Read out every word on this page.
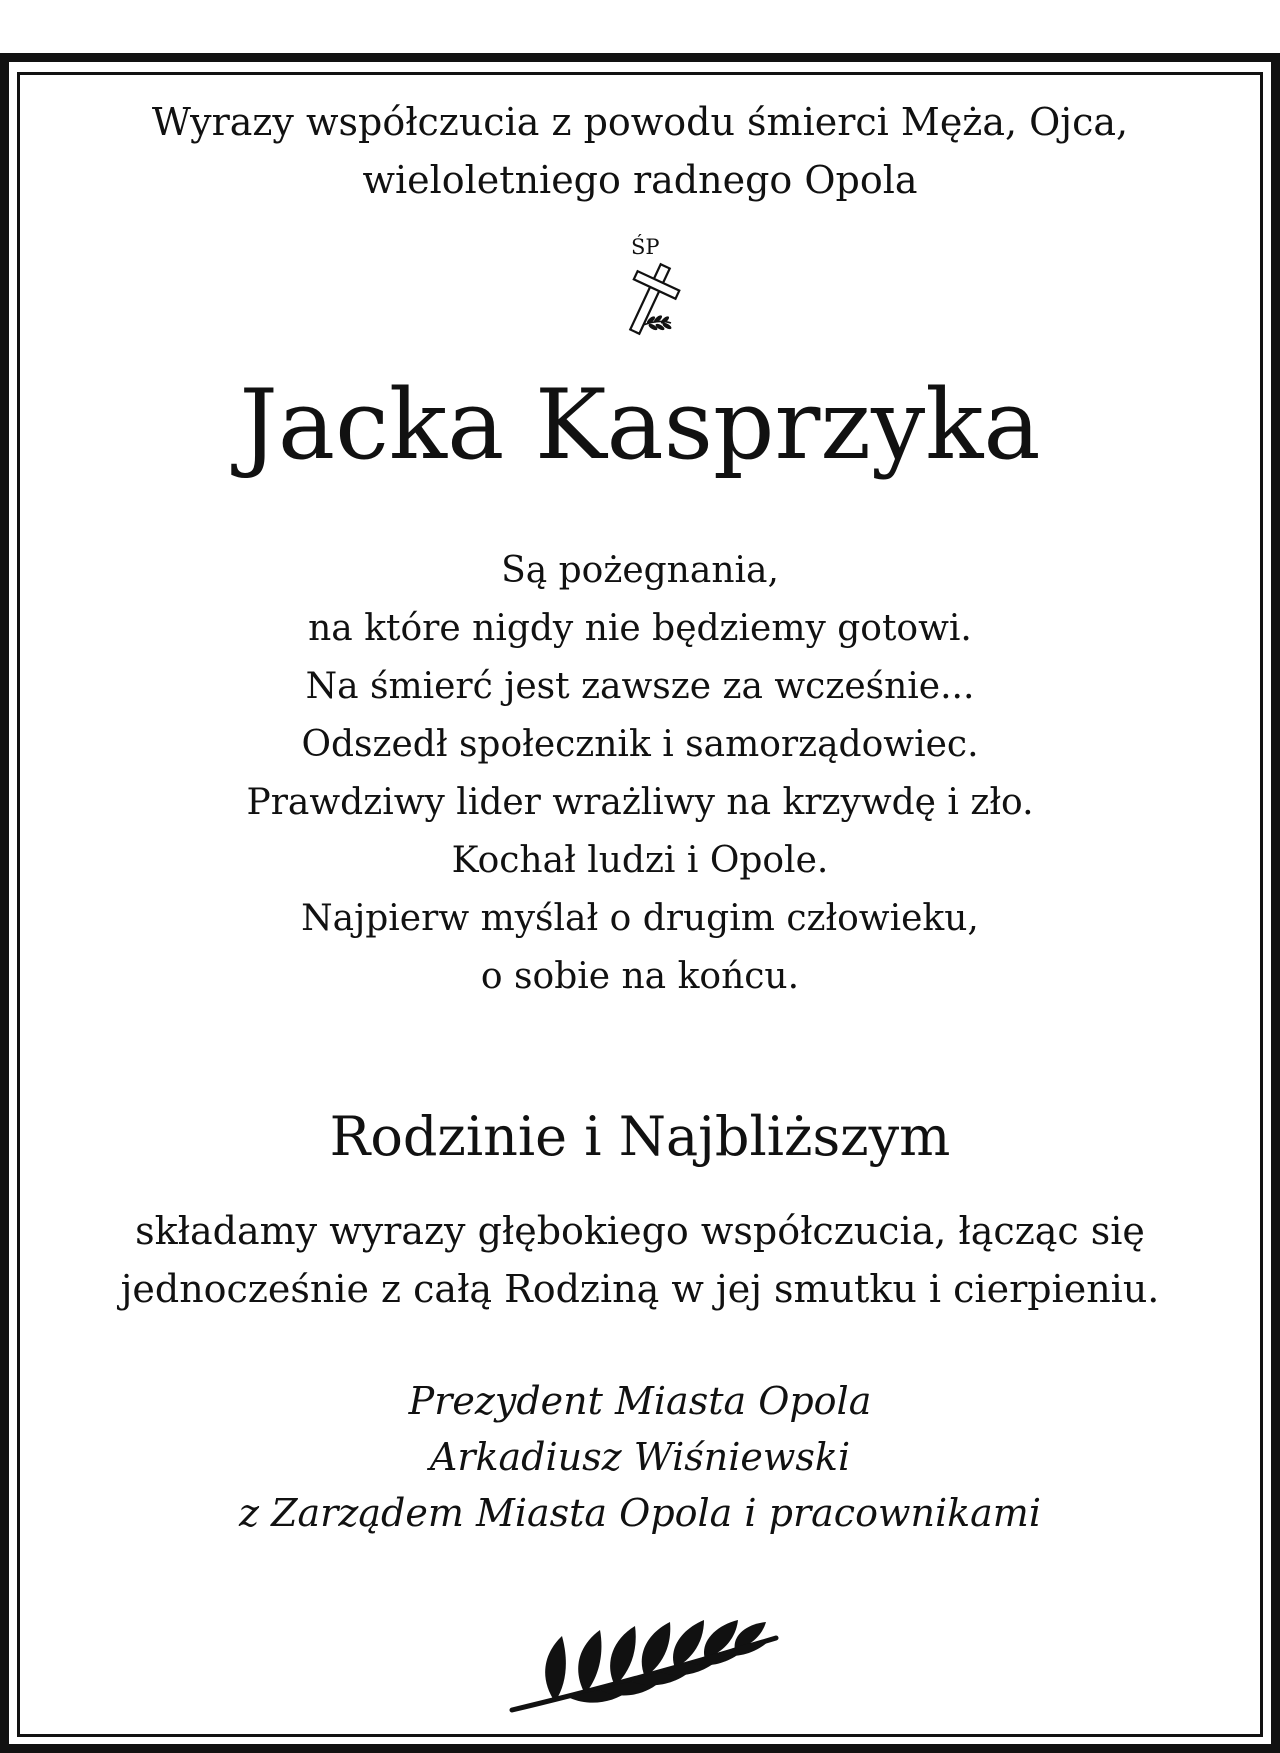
Wyrazy współczucia z powodu śmierci Męża, Ojca,
wieloletniego radnego Opola
ŚP
Jacka Kasprzyka
Są pożegnania,
na które nigdy nie będziemy gotowi.
Na śmierć jest zawsze za wcześnie...
Odszedł społecznik i samorządowiec.
Prawdziwy lider wrażliwy na krzywdę i zło.
Kochał ludzi i Opole.
Najpierw myślał o drugim człowieku,
o sobie na końcu.
Rodzinie i Najbliższym
składamy wyrazy głębokiego współczucia, łącząc się
jednocześnie z całą Rodziną w jej smutku i cierpieniu.
Prezydent Miasta Opola
Arkadiusz Wiśniewski
z Zarządem Miasta Opola i pracownikami
